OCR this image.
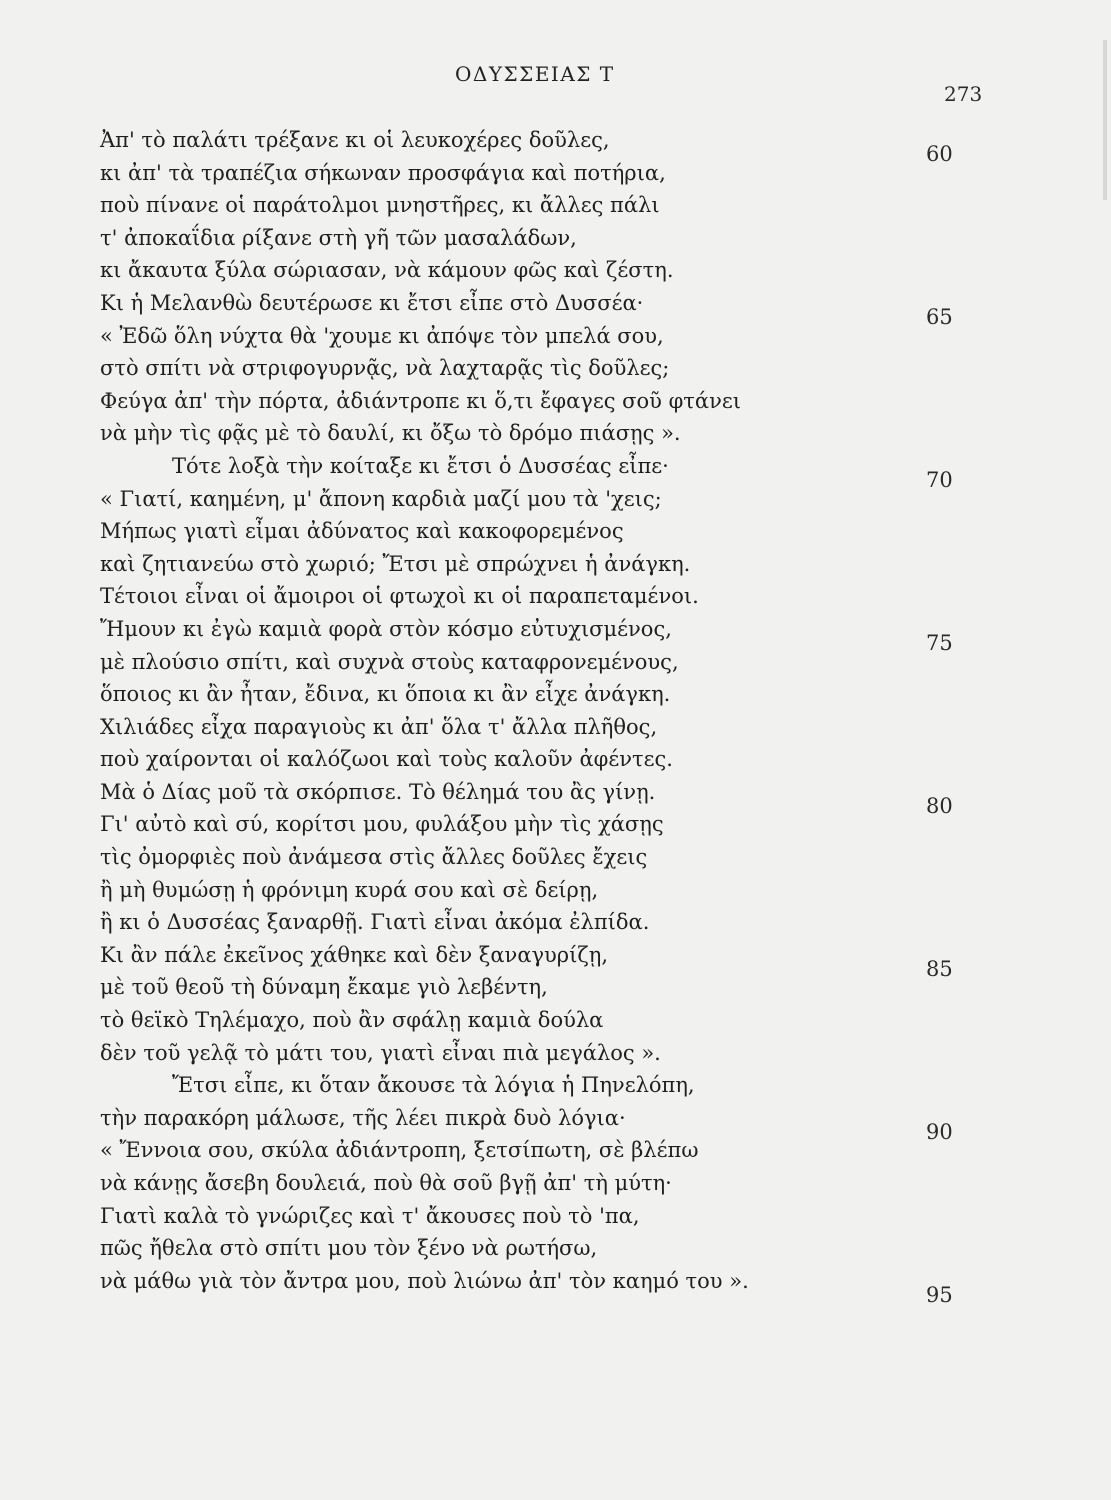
ΟΔΥΣΣΕΙΑΣ Τ
273
Ἀπ' τὸ παλάτι τρέξανε κι οἱ λευκοχέρες δοῦλες,
60
κι ἀπ' τὰ τραπέζια σήκωναν προσφάγια καὶ ποτήρια,
ποὺ πίνανε οἱ παράτολμοι μνηστῆρες, κι ἄλλες πάλι
τ' ἀποκαΐδια ρίξανε στὴ γῆ τῶν μασαλάδων,
κι ἄκαυτα ξύλα σώριασαν, νὰ κάμουν φῶς καὶ ζέστη.
Κι ἡ Μελανθὼ δευτέρωσε κι ἔτσι εἶπε στὸ Δυσσέα·
65
« Ἐδῶ ὅλη νύχτα θὰ 'χουμε κι ἀπόψε τὸν μπελά σου,
στὸ σπίτι νὰ στριφογυρνᾷς, νὰ λαχταρᾷς τὶς δοῦλες;
Φεύγα ἀπ' τὴν πόρτα, ἀδιάντροπε κι ὅ,τι ἔφαγες σοῦ φτάνει
νὰ μὴν τὶς φᾷς μὲ τὸ δαυλί, κι ὄξω τὸ δρόμο πιάσῃς ».
Τότε λοξὰ τὴν κοίταξε κι ἔτσι ὁ Δυσσέας εἶπε·
70
« Γιατί, καημένη, μ' ἄπονη καρδιὰ μαζί μου τὰ 'χεις;
Μήπως γιατὶ εἶμαι ἀδύνατος καὶ κακοφορεμένος
καὶ ζητιανεύω στὸ χωριό; Ἔτσι μὲ σπρώχνει ἡ ἀνάγκη.
Τέτοιοι εἶναι οἱ ἄμοιροι οἱ φτωχοὶ κι οἱ παραπεταμένοι.
Ἤμουν κι ἐγὼ καμιὰ φορὰ στὸν κόσμο εὐτυχισμένος,
75
μὲ πλούσιο σπίτι, καὶ συχνὰ στοὺς καταφρονεμένους,
ὅποιος κι ἂν ἦταν, ἔδινα, κι ὅποια κι ἂν εἶχε ἀνάγκη.
Χιλιάδες εἶχα παραγιοὺς κι ἀπ' ὅλα τ' ἄλλα πλῆθος,
ποὺ χαίρονται οἱ καλόζωοι καὶ τοὺς καλοῦν ἀφέντες.
Μὰ ὁ Δίας μοῦ τὰ σκόρπισε. Τὸ θέλημά του ἂς γίνῃ.
80
Γι' αὐτὸ καὶ σύ, κορίτσι μου, φυλάξου μὴν τὶς χάσῃς
τὶς ὀμορφιὲς ποὺ ἀνάμεσα στὶς ἄλλες δοῦλες ἔχεις
ἢ μὴ θυμώσῃ ἡ φρόνιμη κυρά σου καὶ σὲ δείρῃ,
ἢ κι ὁ Δυσσέας ξαναρθῇ. Γιατὶ εἶναι ἀκόμα ἐλπίδα.
Κι ἂν πάλε ἐκεῖνος χάθηκε καὶ δὲν ξαναγυρίζῃ,
85
μὲ τοῦ θεοῦ τὴ δύναμη ἔκαμε γιὸ λεβέντη,
τὸ θεϊκὸ Τηλέμαχο, ποὺ ἂν σφάλῃ καμιὰ δούλα
δὲν τοῦ γελᾷ τὸ μάτι του, γιατὶ εἶναι πιὰ μεγάλος ».
Ἔτσι εἶπε, κι ὅταν ἄκουσε τὰ λόγια ἡ Πηνελόπη,
τὴν παρακόρη μάλωσε, τῆς λέει πικρὰ δυὸ λόγια·
90
« Ἔννοια σου, σκύλα ἀδιάντροπη, ξετσίπωτη, σὲ βλέπω
νὰ κάνῃς ἄσεβη δουλειά, ποὺ θὰ σοῦ βγῇ ἀπ' τὴ μύτη·
Γιατὶ καλὰ τὸ γνώριζες καὶ τ' ἄκουσες ποὺ τὸ 'πα,
πῶς ἤθελα στὸ σπίτι μου τὸν ξένο νὰ ρωτήσω,
νὰ μάθω γιὰ τὸν ἄντρα μου, ποὺ λιώνω ἀπ' τὸν καημό του ».
95
